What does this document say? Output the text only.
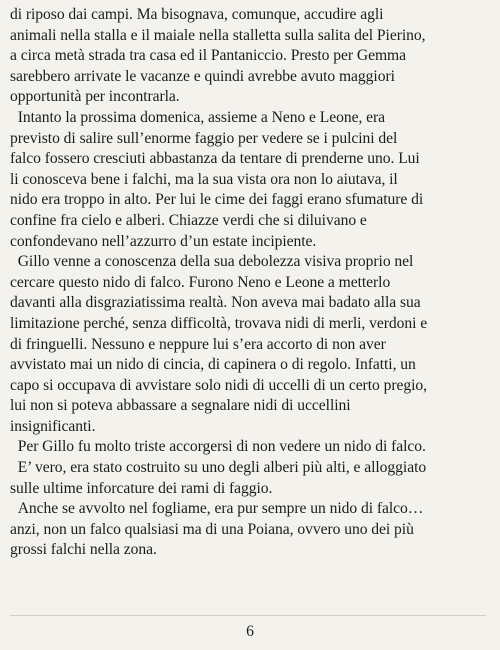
di riposo dai campi. Ma bisognava, comunque, accudire agli

animali nella stalla e il maiale nella stalletta sulla salita del Pierino,

a circa metà strada tra casa ed il Pantaniccio. Presto per Gemma

sarebbero arrivate le vacanze e quindi avrebbe avuto maggiori

opportunità per incontrarla.

Intanto la prossima domenica, assieme a Neno e Leone, era

previsto di salire sull’enorme faggio per vedere se i pulcini del

falco fossero cresciuti abbastanza da tentare di prenderne uno. Lui

li conosceva bene i falchi, ma la sua vista ora non lo aiutava, il

nido era troppo in alto. Per lui le cime dei faggi erano sfumature di

confine fra cielo e alberi. Chiazze verdi che si diluivano e

confondevano nell’azzurro d’un estate incipiente.

Gillo venne a conoscenza della sua debolezza visiva proprio nel

cercare questo nido di falco. Furono Neno e Leone a metterlo

davanti alla disgraziatissima realtà. Non aveva mai badato alla sua

limitazione perché, senza difficoltà, trovava nidi di merli, verdoni e

di fringuelli. Nessuno e neppure lui s’era accorto di non aver

avvistato mai un nido di cincia, di capinera o di regolo. Infatti, un

capo si occupava di avvistare solo nidi di uccelli di un certo pregio,

lui non si poteva abbassare a segnalare nidi di uccellini

insignificanti.

Per Gillo fu molto triste accorgersi di non vedere un nido di falco.

E’ vero, era stato costruito su uno degli alberi più alti, e alloggiato

sulle ultime inforcature dei rami di faggio.

Anche se avvolto nel fogliame, era pur sempre un nido di falco…

anzi, non un falco qualsiasi ma di una Poiana, ovvero uno dei più

grossi falchi nella zona.

6
